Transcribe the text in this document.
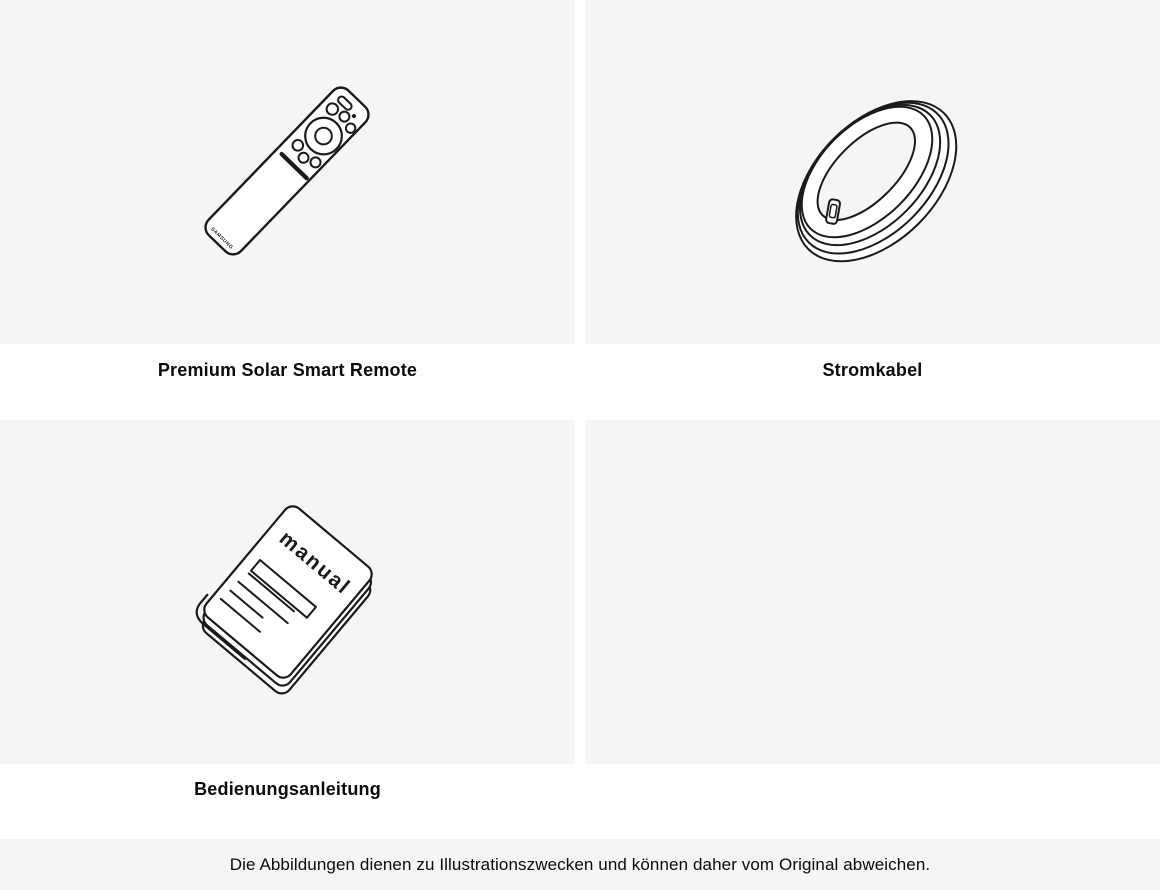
SAMSUNG
manual
Premium Solar Smart Remote	Stromkabel
Bedienungsanleitung
Die Abbildungen dienen zu Illustrationszwecken und können daher vom Original abweichen.
